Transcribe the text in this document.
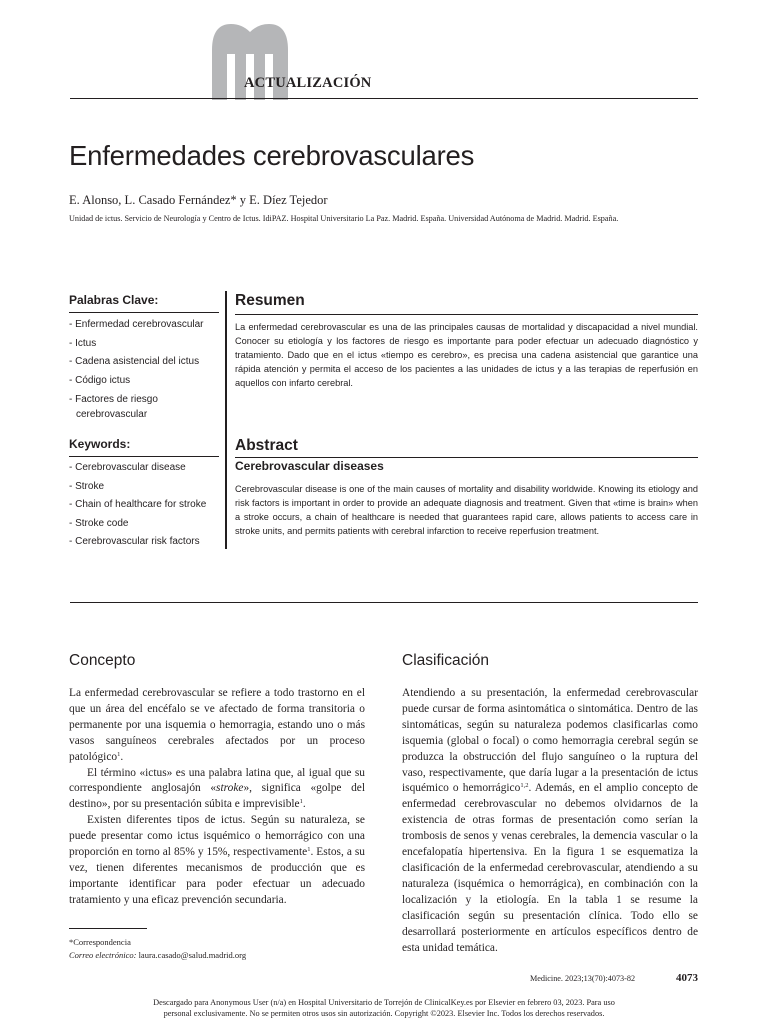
ACTUALIZACIÓN
Enfermedades cerebrovasculares
E. Alonso, L. Casado Fernández* y E. Díez Tejedor
Unidad de ictus. Servicio de Neurología y Centro de Ictus. IdiPAZ. Hospital Universitario La Paz. Madrid. España. Universidad Autónoma de Madrid. Madrid. España.
Palabras Clave:
- Enfermedad cerebrovascular
- Ictus
- Cadena asistencial del ictus
- Código ictus
- Factores de riesgo cerebrovascular
Keywords:
- Cerebrovascular disease
- Stroke
- Chain of healthcare for stroke
- Stroke code
- Cerebrovascular risk factors
Resumen

La enfermedad cerebrovascular es una de las principales causas de mortalidad y discapacidad a nivel mundial. Conocer su etiología y los factores de riesgo es importante para poder efectuar un adecuado diagnóstico y tratamiento. Dado que en el ictus «tiempo es cerebro», es precisa una cadena asistencial que garantice una rápida atención y permita el acceso de los pacientes a las unidades de ictus y a las terapias de reperfusión en aquellos con infarto cerebral.

Abstract
Cerebrovascular diseases

Cerebrovascular disease is one of the main causes of mortality and disability worldwide. Knowing its etiology and risk factors is important in order to provide an adequate diagnosis and treatment. Given that «time is brain» when a stroke occurs, a chain of healthcare is needed that guarantees rapid care, allows patients to access care in stroke units, and permits patients with cerebral infarction to receive reperfusion treatment.

Concepto

La enfermedad cerebrovascular se refiere a todo trastorno en el que un área del encéfalo se ve afectado de forma transitoria o permanente por una isquemia o hemorragia, estando uno o más vasos sanguíneos cerebrales afectados por un proceso patológico$^1$.

El término «ictus» es una palabra latina que, al igual que su correspondiente anglosajón «stroke», significa «golpe del destino», por su presentación súbita e imprevisible$^1$.

Existen diferentes tipos de ictus. Según su naturaleza, se puede presentar como ictus isquémico o hemorrágico con una proporción en torno al 85% y 15%, respectivamente$^1$. Estos, a su vez, tienen diferentes mecanismos de producción que es importante identificar para poder efectuar un adecuado tratamiento y una eficaz prevención secundaria.

Clasificación

Atendiendo a su presentación, la enfermedad cerebrovascular puede cursar de forma asintomática o sintomática. Dentro de las sintomáticas, según su naturaleza podemos clasificarlas como isquemia (global o focal) o como hemorragia cerebral según se produzca la obstrucción del flujo sanguíneo o la ruptura del vaso, respectivamente, que daría lugar a la presentación de ictus isquémico o hemorrágico$^{1,2}$. Además, en el amplio concepto de enfermedad cerebrovascular no debemos olvidarnos de la existencia de otras formas de presentación como serían la trombosis de senos y venas cerebrales, la demencia vascular o la encefalopatía hipertensiva. En la figura 1 se esquematiza la clasificación de la enfermedad cerebrovascular, atendiendo a su naturaleza (isquémica o hemorrágica), en combinación con la localización y la etiología. En la tabla 1 se resume la clasificación según su presentación clínica. Todo ello se desarrollará posteriormente en artículos específicos dentro de esta unidad temática.

*Correspondencia
Correo electrónico: laura.casado@salud.madrid.org
Medicine. 2023;13(70):4073-82	4073
Descargado para Anonymous User (n/a) en Hospital Universitario de Torrejón de ClinicalKey.es por Elsevier en febrero 03, 2023. Para uso
personal exclusivamente. No se permiten otros usos sin autorización. Copyright ©2023. Elsevier Inc. Todos los derechos reservados.
